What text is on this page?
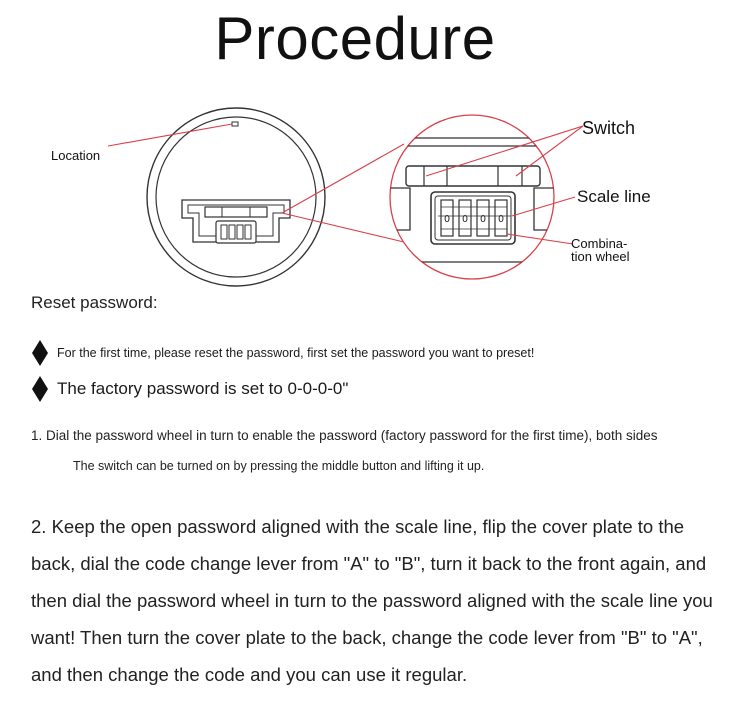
Procedure
0 0 0 0
Location
Switch
Scale line
Combina-
tion wheel
Reset password:
For the first time, please reset the password, first set the password you want to preset!
The factory password is set to 0-0-0-0"
1. Dial the password wheel in turn to enable the password (factory password for the first time), both sides
The switch can be turned on by pressing the middle button and lifting it up.
2. Keep the open password aligned with the scale line, flip the cover plate to the back, dial the code change lever from "A" to "B", turn it back to the front again, and then dial the password wheel in turn to the password aligned with the scale line you want! Then turn the cover plate to the back, change the code lever from "B" to "A", and then change the code and you can use it regular.
